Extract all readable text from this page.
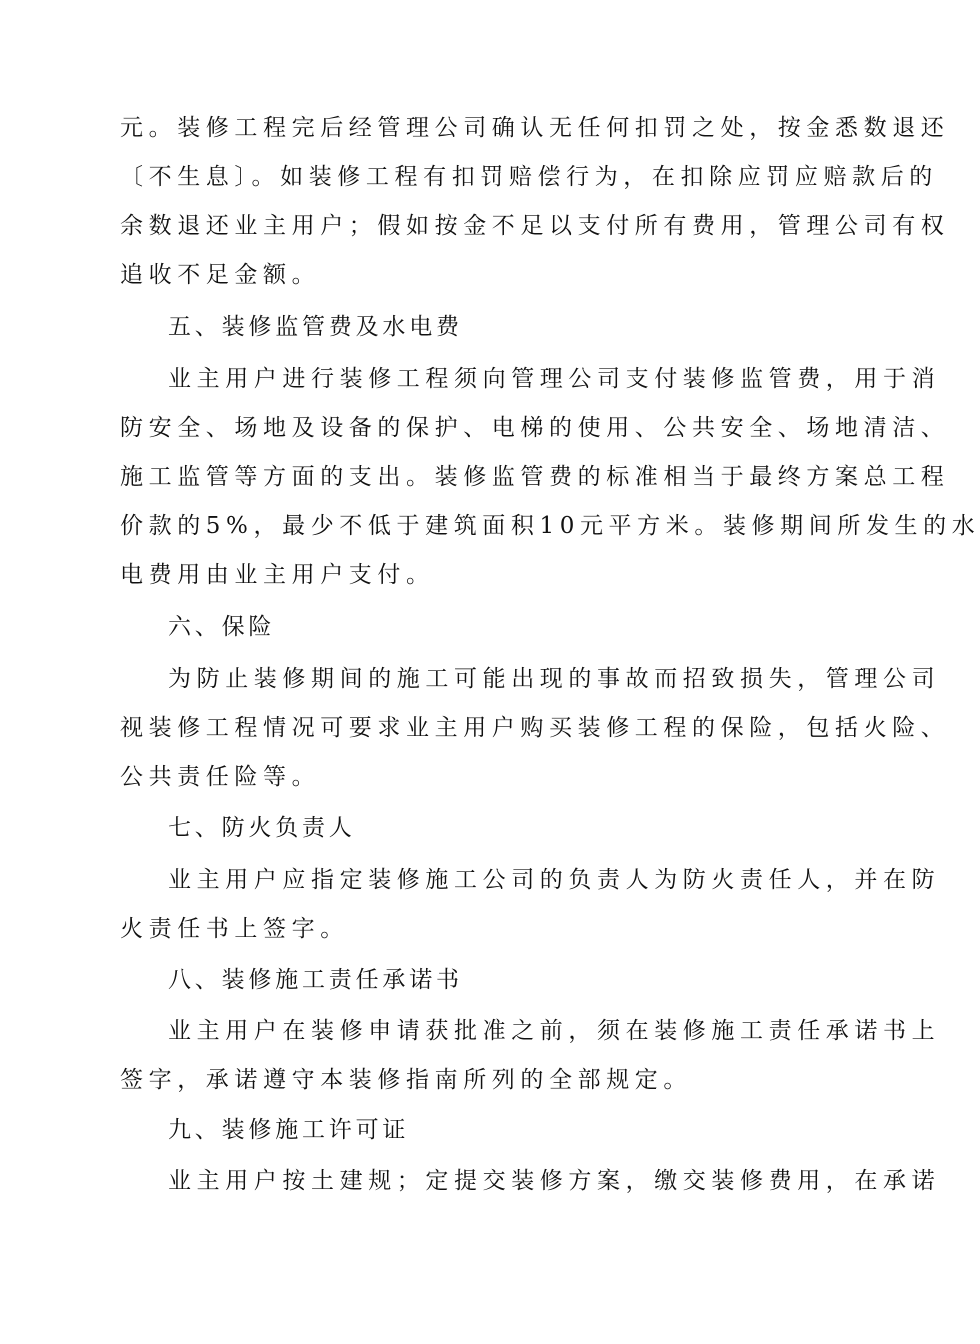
元。装修工程完后经管理公司确认无任何扣罚之处，按金悉数退还
〔不生息〕。如装修工程有扣罚赔偿行为，在扣除应罚应赔款后的
余数退还业主用户；假如按金不足以支付所有费用，管理公司有权
追收不足金额。
五、装修监管费及水电费
业主用户进行装修工程须向管理公司支付装修监管费，用于消
防安全、场地及设备的保护、电梯的使用、公共安全、场地清洁、
施工监管等方面的支出。装修监管费的标准相当于最终方案总工程
价款的5%，最少不低于建筑面积10元平方米。装修期间所发生的水
电费用由业主用户支付。
六、保险
为防止装修期间的施工可能出现的事故而招致损失，管理公司
视装修工程情况可要求业主用户购买装修工程的保险，包括火险、
公共责任险等。
七、防火负责人
业主用户应指定装修施工公司的负责人为防火责任人，并在防
火责任书上签字。
八、装修施工责任承诺书
业主用户在装修申请获批准之前，须在装修施工责任承诺书上
签字，承诺遵守本装修指南所列的全部规定。
九、装修施工许可证
业主用户按土建规；定提交装修方案，缴交装修费用，在承诺
